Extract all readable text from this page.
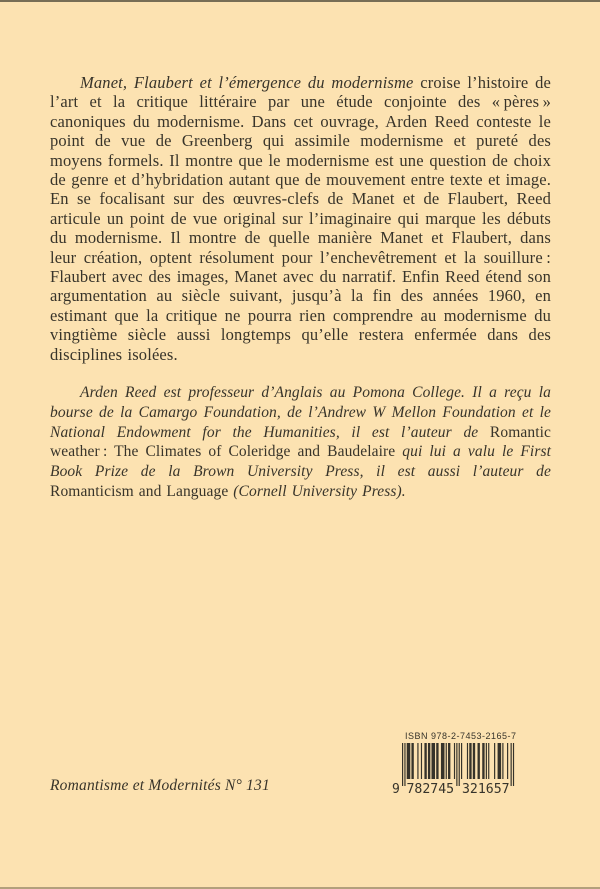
Manet, Flaubert et l’émergence du modernisme croise l’histoire de l’art et la critique littéraire par une étude conjointe des « pères » canoniques du modernisme. Dans cet ouvrage, Arden Reed conteste le point de vue de Greenberg qui assimile modernisme et pureté des moyens formels. Il montre que le modernisme est une question de choix de genre et d’hybridation autant que de mouvement entre texte et image. En se focalisant sur des œuvres-clefs de Manet et de Flaubert, Reed articule un point de vue original sur l’imaginaire qui marque les débuts du modernisme. Il montre de quelle manière Manet et Flaubert, dans leur création, optent résolument pour l’enchevêtrement et la souillure : Flaubert avec des images, Manet avec du narratif. Enfin Reed étend son argumentation au siècle suivant, jusqu’à la fin des années 1960, en estimant que la critique ne pourra rien comprendre au modernisme du vingtième siècle aussi longtemps qu’elle restera enfermée dans des disciplines isolées.

Arden Reed est professeur d’Anglais au Pomona College. Il a reçu la bourse de la Camargo Foundation, de l’Andrew W Mellon Foundation et le National Endowment for the Humanities, il est l’auteur de Romantic weather : The Climates of Coleridge and Baudelaire qui lui a valu le First Book Prize de la Brown University Press, il est aussi l’auteur de Romanticism and Language (Cornell University Press).

Romantisme et Modernités N° 131
ISBN 978-2-7453-2165-7
9 782745 321657
